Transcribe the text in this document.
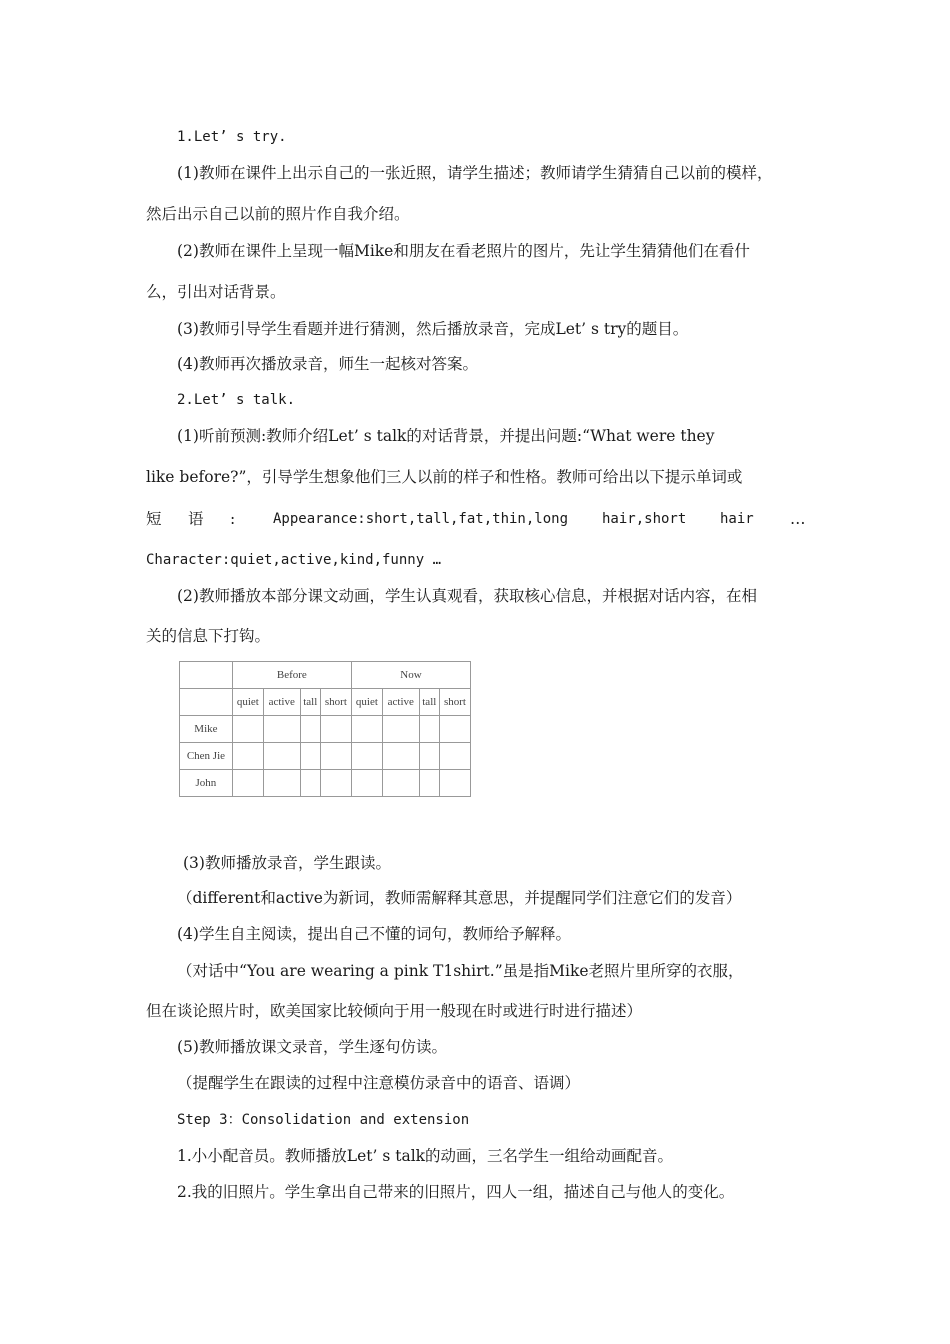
1.Let’ s try.
(1)教师在课件上出示自己的一张近照，请学生描述；教师请学生猜猜自己以前的模样，
然后出示自己以前的照片作自我介绍。
(2)教师在课件上呈现一幅Mike和朋友在看老照片的图片，先让学生猜猜他们在看什
么，引出对话背景。
(3)教师引导学生看题并进行猜测，然后播放录音，完成Let’ s try的题目。
(4)教师再次播放录音，师生一起核对答案。
2.Let’ s talk.
(1)听前预测:教师介绍Let’ s talk的对话背景，并提出问题:“What were they
like before?”，引导学生想象他们三人以前的样子和性格。教师可给出以下提示单词或
短 语 :	Appearance:short,tall,fat,thin,long hair,short hair …
Character:quiet,active,kind,funny …
(2)教师播放本部分课文动画，学生认真观看，获取核心信息，并根据对话内容，在相
关的信息下打钩。
	Before				Now			
	quiet	active	tall	short	quiet	active	tall	short
Mike								
Chen Jie								
John								
(3)教师播放录音，学生跟读。
（different和active为新词，教师需解释其意思，并提醒同学们注意它们的发音）
(4)学生自主阅读，提出自己不懂的词句，教师给予解释。
（对话中“You are wearing a pink T1shirt.”虽是指Mike老照片里所穿的衣服，
但在谈论照片时，欧美国家比较倾向于用一般现在时或进行时进行描述）
(5)教师播放课文录音，学生逐句仿读。
（提醒学生在跟读的过程中注意模仿录音中的语音、语调）
Step 3：Consolidation and extension
1.小小配音员。教师播放Let’ s talk的动画，三名学生一组给动画配音。
2.我的旧照片。学生拿出自己带来的旧照片，四人一组，描述自己与他人的变化。
